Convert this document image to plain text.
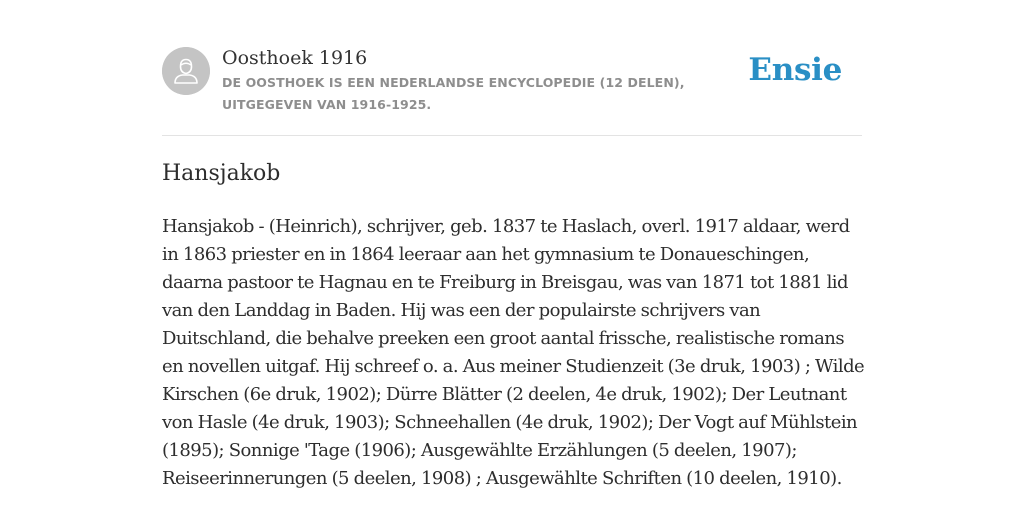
Oosthoek 1916
DE OOSTHOEK IS EEN NEDERLANDSE ENCYCLOPEDIE (12 DELEN), UITGEGEVEN VAN 1916-1925.
Ensie
Hansjakob

Hansjakob - (Heinrich), schrijver, geb. 1837 te Haslach, overl. 1917 aldaar, werd in 1863 priester en in 1864 leeraar aan het gymnasium te Donaueschingen, daarna pastoor te Hagnau en te Freiburg in Breisgau, was van 1871 tot 1881 lid van den Landdag in Baden. Hij was een der populairste schrijvers van Duitschland, die behalve preeken een groot aantal frissche, realistische romans en novellen uitgaf. Hij schreef o. a. Aus meiner Studienzeit (3e druk, 1903) ; Wilde Kirschen (6e druk, 1902); Dürre Blätter (2 deelen, 4e druk, 1902); Der Leutnant von Hasle (4e druk, 1903); Schneehallen (4e druk, 1902); Der Vogt auf Mühlstein (1895); Sonnige 'Tage (1906); Ausgewählte Erzählungen (5 deelen, 1907); Reiseerinnerungen (5 deelen, 1908) ; Ausgewählte Schriften (10 deelen, 1910).
